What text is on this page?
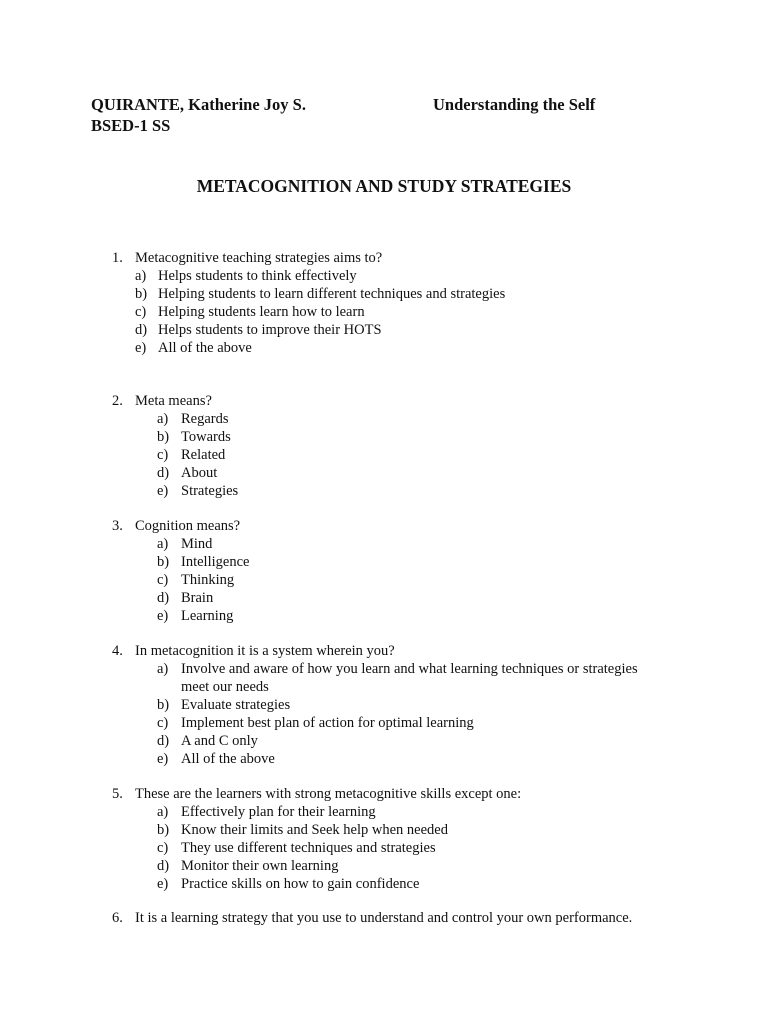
QUIRANTE, Katherine Joy S.	Understanding the Self
BSED-1 SS
METACOGNITION AND STUDY STRATEGIES
1. Metacognitive teaching strategies aims to?
a) Helps students to think effectively
b) Helping students to learn different techniques and strategies
c) Helping students learn how to learn
d) Helps students to improve their HOTS
e) All of the above
2. Meta means?
a) Regards
b) Towards
c) Related
d) About
e) Strategies
3. Cognition means?
a) Mind
b) Intelligence
c) Thinking
d) Brain
e) Learning
4. In metacognition it is a system wherein you?
a) Involve and aware of how you learn and what learning techniques or strategies
meet our needs
b) Evaluate strategies
c) Implement best plan of action for optimal learning
d) A and C only
e) All of the above
5. These are the learners with strong metacognitive skills except one:
a) Effectively plan for their learning
b) Know their limits and Seek help when needed
c) They use different techniques and strategies
d) Monitor their own learning
e) Practice skills on how to gain confidence
6. It is a learning strategy that you use to understand and control your own performance.
